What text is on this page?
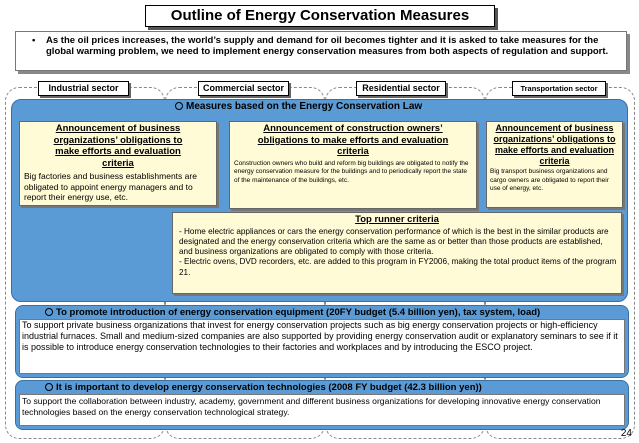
Outline of Energy Conservation Measures
• As the oil prices increases, the world’s supply and demand for oil becomes tighter and it is asked to take measures for the global warming problem, we need to implement energy conservation measures from both aspects of regulation and support.
Industrial sector	Commercial sector	Residential sector	Transportation sector
Measures based on the Energy Conservation Law
Announcement of business organizations’ obligations to make efforts and evaluation criteria
Big factories and business establishments are obligated to appoint energy managers and to report their energy use, etc.
Announcement of construction owners’ obligations to make efforts and evaluation criteria
Construction owners who build and reform big buildings are obligated to notify the energy conservation measure for the buildings and to periodically report the state of the maintenance of the buildings, etc.
Announcement of business organizations’ obligations to make efforts and evaluation criteria
Big transport business organizations and cargo owners are obligated to report their use of energy, etc.
Top runner criteria
- Home electric appliances or cars the energy conservation performance of which is the best in the similar products are designated and the energy conservation criteria which are the same as or better than those products are established, and business organizations are obligated to comply with those criteria.
- Electric ovens, DVD recorders, etc. are added to this program in FY2006, making the total product items of the program 21.
To promote introduction of energy conservation equipment (20FY budget (5.4 billion yen), tax system, load)
To support private business organizations that invest for energy conservation projects such as big energy conservation projects or high-efficiency industrial furnaces. Small and medium-sized companies are also supported by providing energy conservation audit or explanatory seminars to see if it is possible to introduce energy conservation technologies to their factories and workplaces and by introducing the ESCO project.
It is important to develop energy conservation technologies (2008 FY budget (42.3 billion yen))
To support the collaboration between industry, academy, government and different business organizations for developing innovative energy conservation technologies based on the energy conservation technological strategy.
24
